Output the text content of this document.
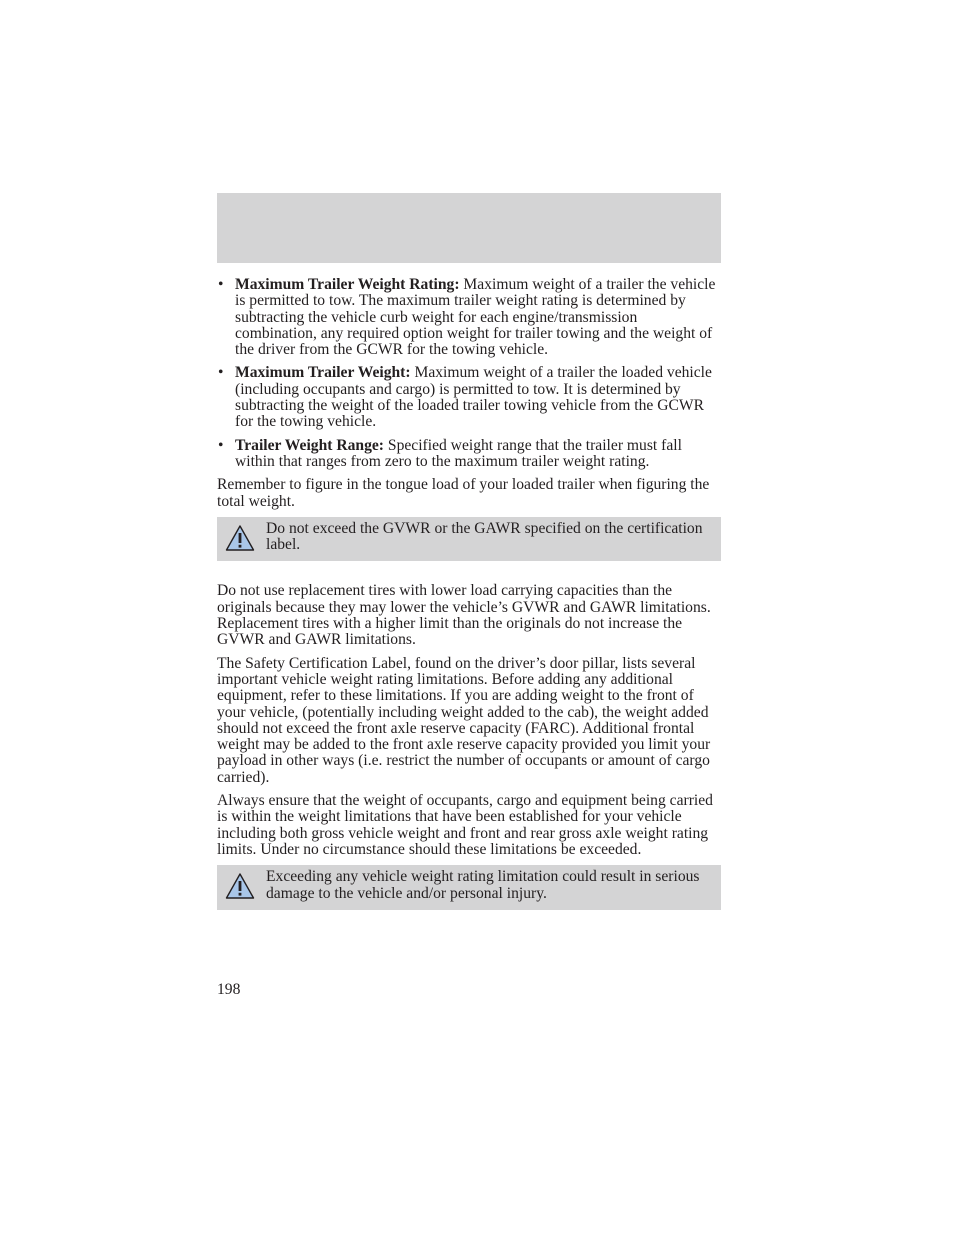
• Maximum Trailer Weight Rating: Maximum weight of a trailer the vehicle is permitted to tow. The maximum trailer weight rating is determined by subtracting the vehicle curb weight for each engine/transmission combination, any required option weight for trailer towing and the weight of the driver from the GCWR for the towing vehicle.
• Maximum Trailer Weight: Maximum weight of a trailer the loaded vehicle (including occupants and cargo) is permitted to tow. It is determined by subtracting the weight of the loaded trailer towing vehicle from the GCWR for the towing vehicle.
• Trailer Weight Range: Specified weight range that the trailer must fall within that ranges from zero to the maximum trailer weight rating.

Remember to figure in the tongue load of your loaded trailer when figuring the total weight.

Do not exceed the GVWR or the GAWR specified on the certification label.

Do not use replacement tires with lower load carrying capacities than the originals because they may lower the vehicle’s GVWR and GAWR limitations. Replacement tires with a higher limit than the originals do not increase the GVWR and GAWR limitations.

The Safety Certification Label, found on the driver’s door pillar, lists several important vehicle weight rating limitations. Before adding any additional equipment, refer to these limitations. If you are adding weight to the front of your vehicle, (potentially including weight added to the cab), the weight added should not exceed the front axle reserve capacity (FARC). Additional frontal weight may be added to the front axle reserve capacity provided you limit your payload in other ways (i.e. restrict the number of occupants or amount of cargo carried).

Always ensure that the weight of occupants, cargo and equipment being carried is within the weight limitations that have been established for your vehicle including both gross vehicle weight and front and rear gross axle weight rating limits. Under no circumstance should these limitations be exceeded.

Exceeding any vehicle weight rating limitation could result in serious damage to the vehicle and/or personal injury.
198
